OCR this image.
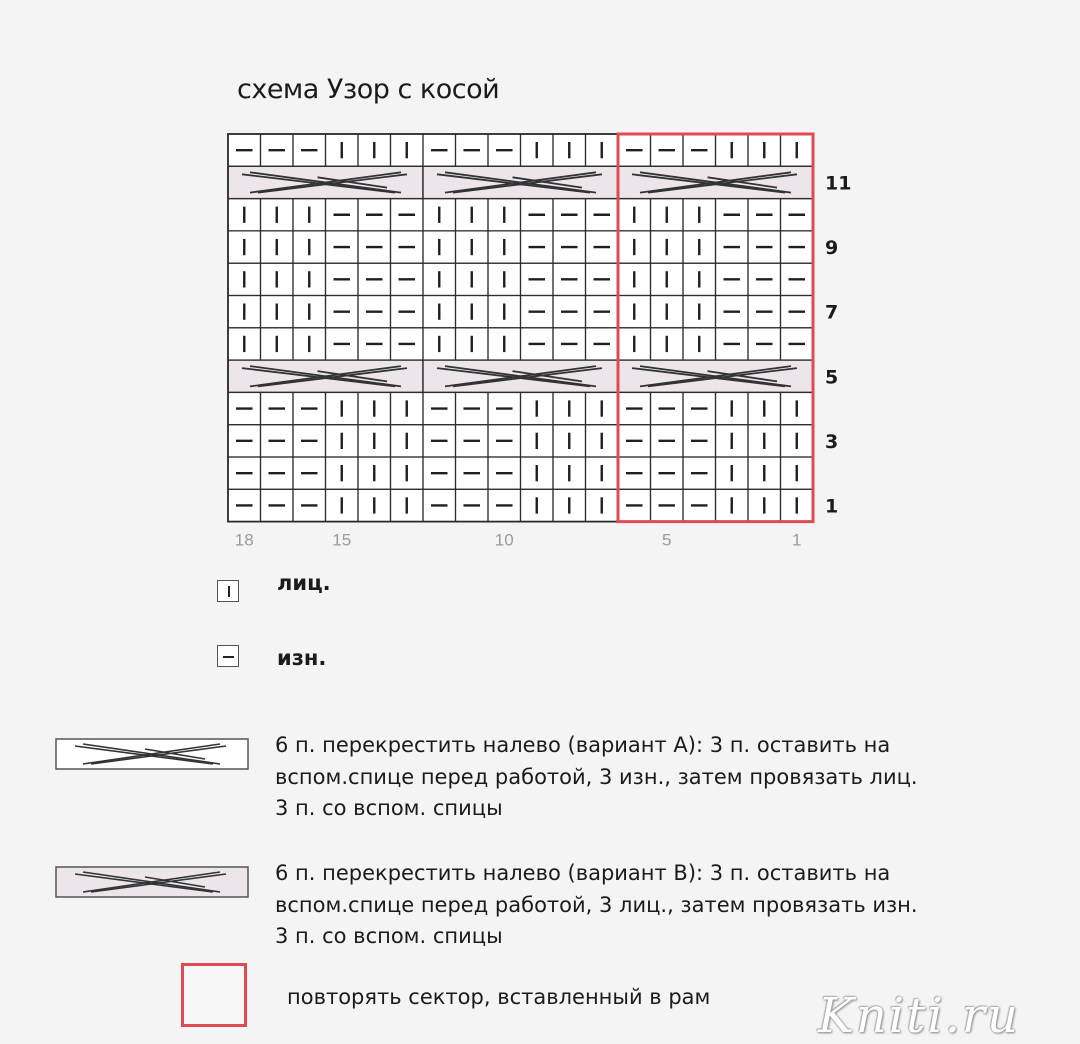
схема Узор с косой
11
9
7
5
3
1
18	15	10	5	1
лиц.
изн.
6 п. перекрестить налево (вариант А): 3 п. оставить на
вспом.спице перед работой, 3 изн., затем провязать лиц.
3 п. со вспом. спицы
6 п. перекрестить налево (вариант В): 3 п. оставить на
вспом.спице перед работой, 3 лиц., затем провязать изн.
3 п. со вспом. спицы
повторять сектор, вставленный в рам Kniti.ru
